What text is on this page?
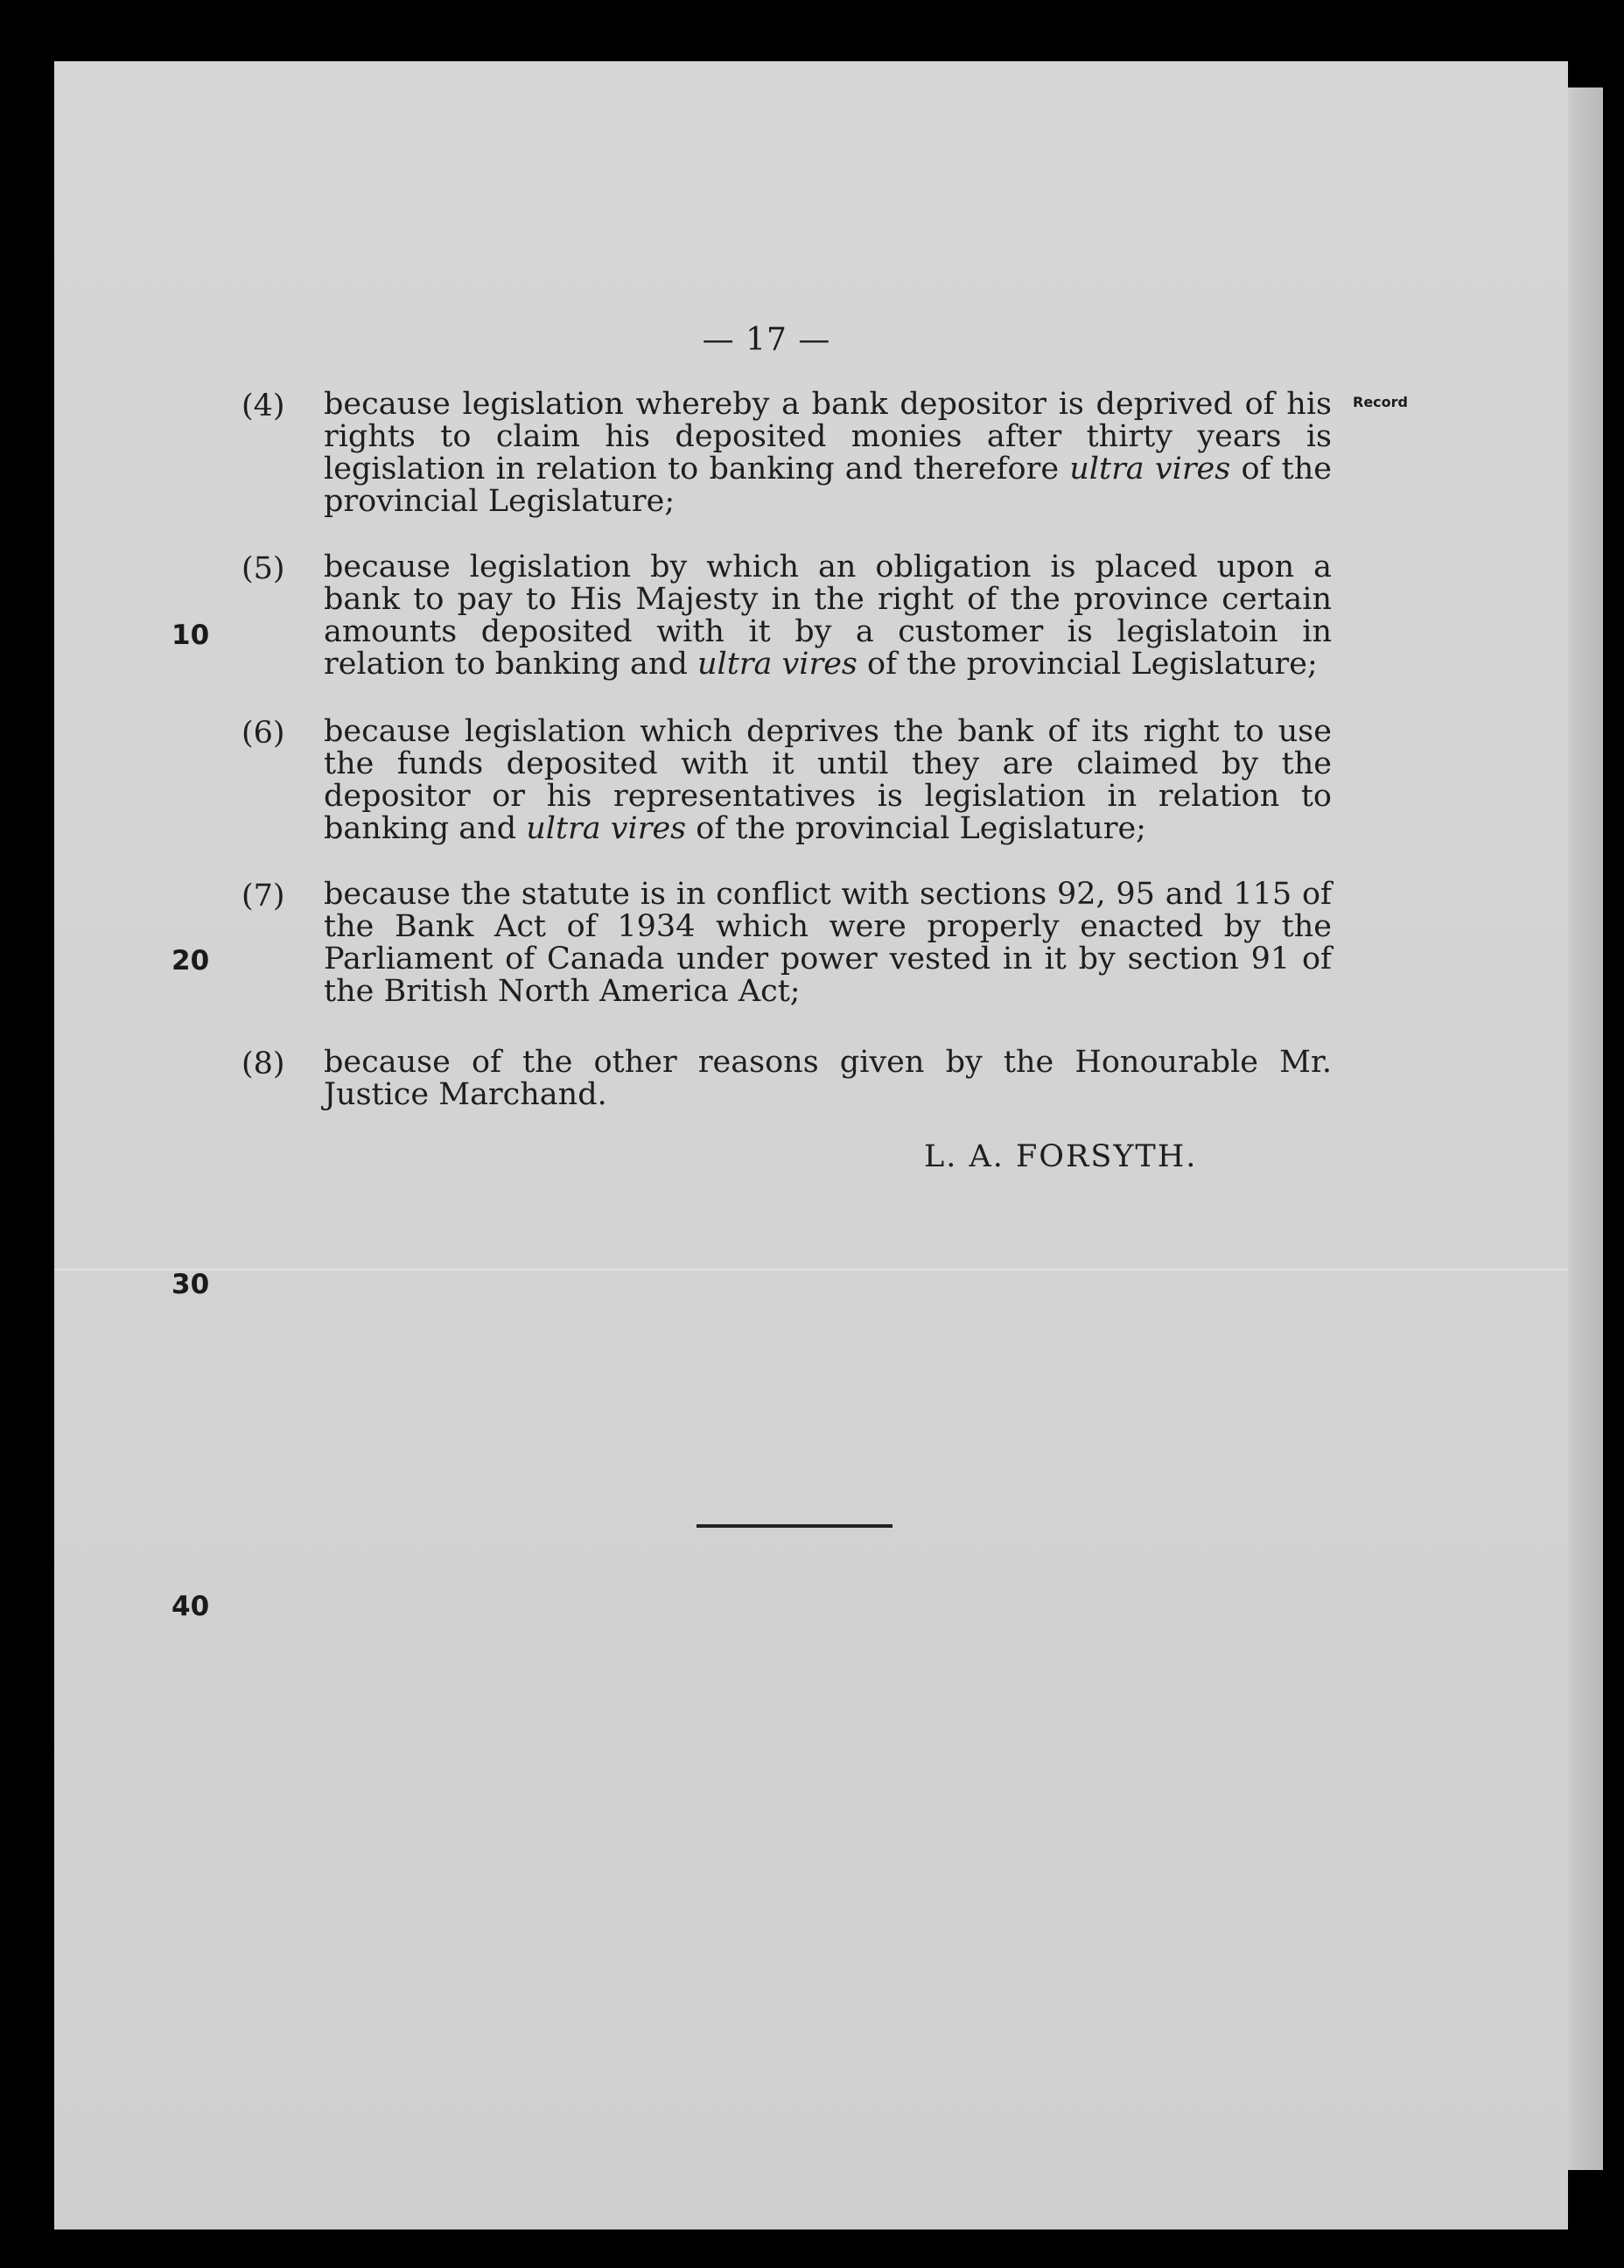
— 17 —
Record
10
20
30
40
(4) because legislation whereby a bank depositor is deprived of his rights to claim his deposited monies after thirty years is legislation in relation to banking and therefore ultra vires of the provincial Legislature;
(5) because legislation by which an obligation is placed upon a bank to pay to His Majesty in the right of the province certain amounts deposited with it by a customer is legislatoin in relation to banking and ultra vires of the provincial Legislature;
(6) because legislation which deprives the bank of its right to use the funds deposited with it until they are claimed by the depositor or his representatives is legislation in relation to banking and ultra vires of the provincial Legislature;
(7) because the statute is in conflict with sections 92, 95 and 115 of the Bank Act of 1934 which were properly enacted by the Parliament of Canada under power vested in it by section 91 of the British North America Act;
(8) because of the other reasons given by the Honourable Mr. Justice Marchand.
L. A. FORSYTH.
